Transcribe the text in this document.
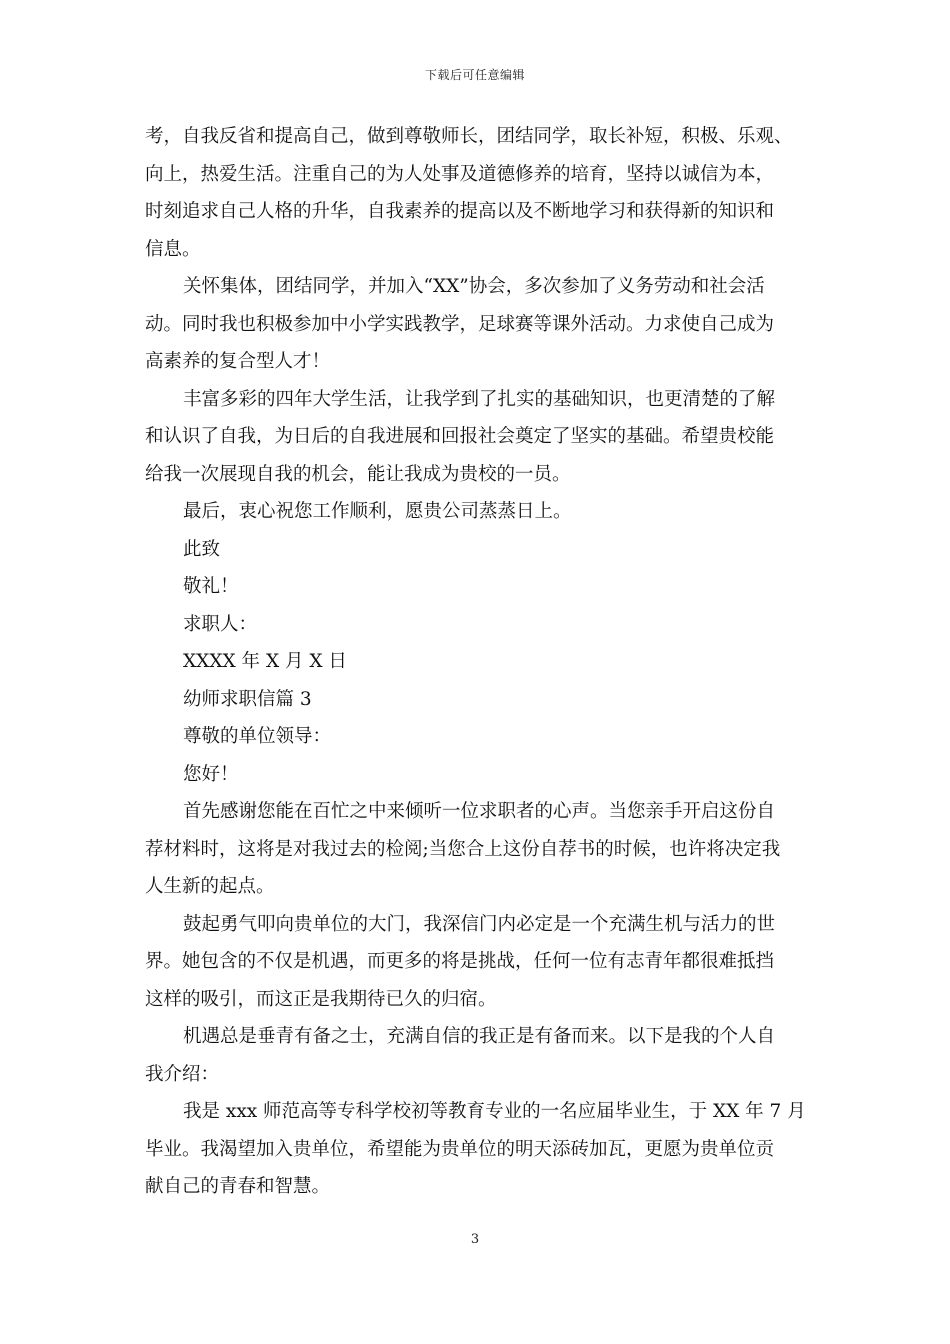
下载后可任意编辑

考，自我反省和提高自己，做到尊敬师长，团结同学，取长补短，积极、乐观、
向上，热爱生活。注重自己的为人处事及道德修养的培育，坚持以诚信为本，
时刻追求自己人格的升华，自我素养的提高以及不断地学习和获得新的知识和
信息。

关怀集体，团结同学，并加入“XX”协会，多次参加了义务劳动和社会活
动。同时我也积极参加中小学实践教学，足球赛等课外活动。力求使自己成为
高素养的复合型人才！

丰富多彩的四年大学生活，让我学到了扎实的基础知识，也更清楚的了解
和认识了自我，为日后的自我进展和回报社会奠定了坚实的基础。希望贵校能
给我一次展现自我的机会，能让我成为贵校的一员。

最后，衷心祝您工作顺利，愿贵公司蒸蒸日上。

此致

敬礼！

求职人：

XXXX 年 X 月 X 日

幼师求职信篇 3

尊敬的单位领导：

您好！

首先感谢您能在百忙之中来倾听一位求职者的心声。当您亲手开启这份自
荐材料时，这将是对我过去的检阅;当您合上这份自荐书的时候，也许将决定我
人生新的起点。

鼓起勇气叩向贵单位的大门，我深信门内必定是一个充满生机与活力的世
界。她包含的不仅是机遇，而更多的将是挑战，任何一位有志青年都很难抵挡
这样的吸引，而这正是我期待已久的归宿。

机遇总是垂青有备之士，充满自信的我正是有备而来。以下是我的个人自
我介绍：

我是 xxx 师范高等专科学校初等教育专业的一名应届毕业生，于 XX 年 7 月
毕业。我渴望加入贵单位，希望能为贵单位的明天添砖加瓦，更愿为贵单位贡
献自己的青春和智慧。

3
